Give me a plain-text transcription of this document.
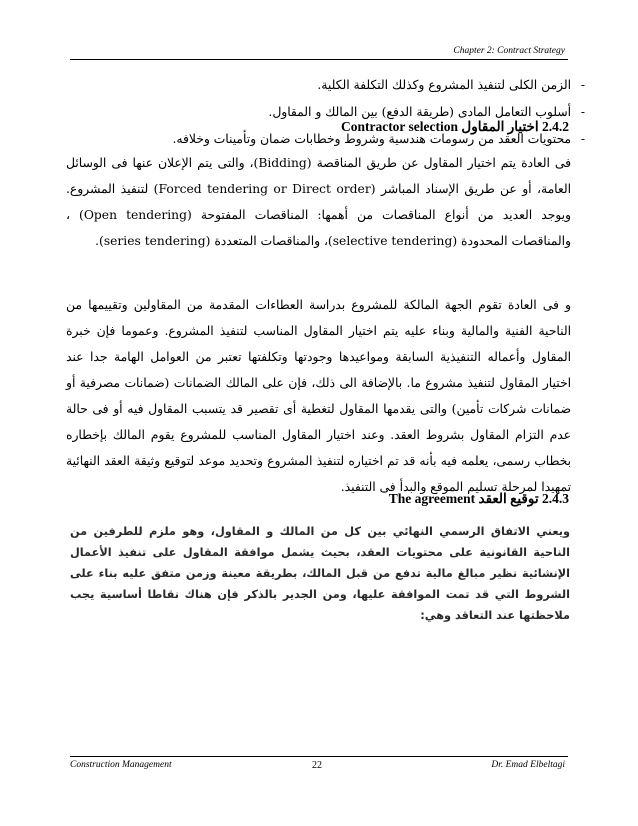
Chapter 2: Contract Strategy
- الزمن الكلى لتنفيذ المشروع وكذلك التكلفة الكلية.
- أسلوب التعامل المادى (طريقة الدفع) بين المالك و المقاول.
- محتويات العقد من رسومات هندسية وشروط وخطابات ضمان وتأمينات وخلافه.
2.4.2 اختيار المقاول Contractor selection

فى العادة يتم اختيار المقاول عن طريق المناقصة (Bidding)، والتى يتم الإعلان عنها فى الوسائل العامة، أو عن طريق الإسناد المباشر (Forced tendering or Direct order) لتنفيذ المشروع. ويوجد العديد من أنواع المناقصات من أهمها: المناقصات المفتوحة (Open tendering) ، والمناقصات المحدودة (selective tendering)، والمناقصات المتعددة (series tendering).

و فى العادة تقوم الجهة المالكة للمشروع بدراسة العطاءات المقدمة من المقاولين وتقييمها من الناحية الفنية والمالية وبناء عليه يتم اختيار المقاول المناسب لتنفيذ المشروع. وعموما فإن خبرة المقاول وأعماله التنفيذية السابقة ومواعيدها وجودتها وتكلفتها تعتبر من العوامل الهامة جدا عند اختيار المقاول لتنفيذ مشروع ما. بالإضافة الى ذلك، فإن على المالك الضمانات (ضمانات مصرفية أو ضمانات شركات تأمين) والتى يقدمها المقاول لتغطية أى تقصير قد يتسبب المقاول فيه أو فى حالة عدم التزام المقاول بشروط العقد. وعند اختيار المقاول المناسب للمشروع يقوم المالك بإخطاره بخطاب رسمى، يعلمه فيه بأنه قد تم اختياره لتنفيذ المشروع وتحديد موعد لتوقيع وثيقة العقد النهائية تمهيدا لمرحلة تسليم الموقع والبدأ فى التنفيذ.

2.4.3 توقيع العقد The agreement
ويعني الاتفاق الرسمي النهائي بين كل من المالك و المقاول، وهو ملزم للطرفين من الناحية القانونية على محتويات العقد، بحيث يشمل موافقة المقاول على تنفيذ الأعمال الإنشائية نظير مبالغ مالية تدفع من قبل المالك، بطريقة معينة وزمن متفق عليه بناء على الشروط التي قد تمت الموافقة عليها، ومن الجدير بالذكر فإن هناك نقاطا أساسية يجب ملاحظتها عند التعاقد وهي:
Construction Management	22	Dr. Emad Elbeltagi
